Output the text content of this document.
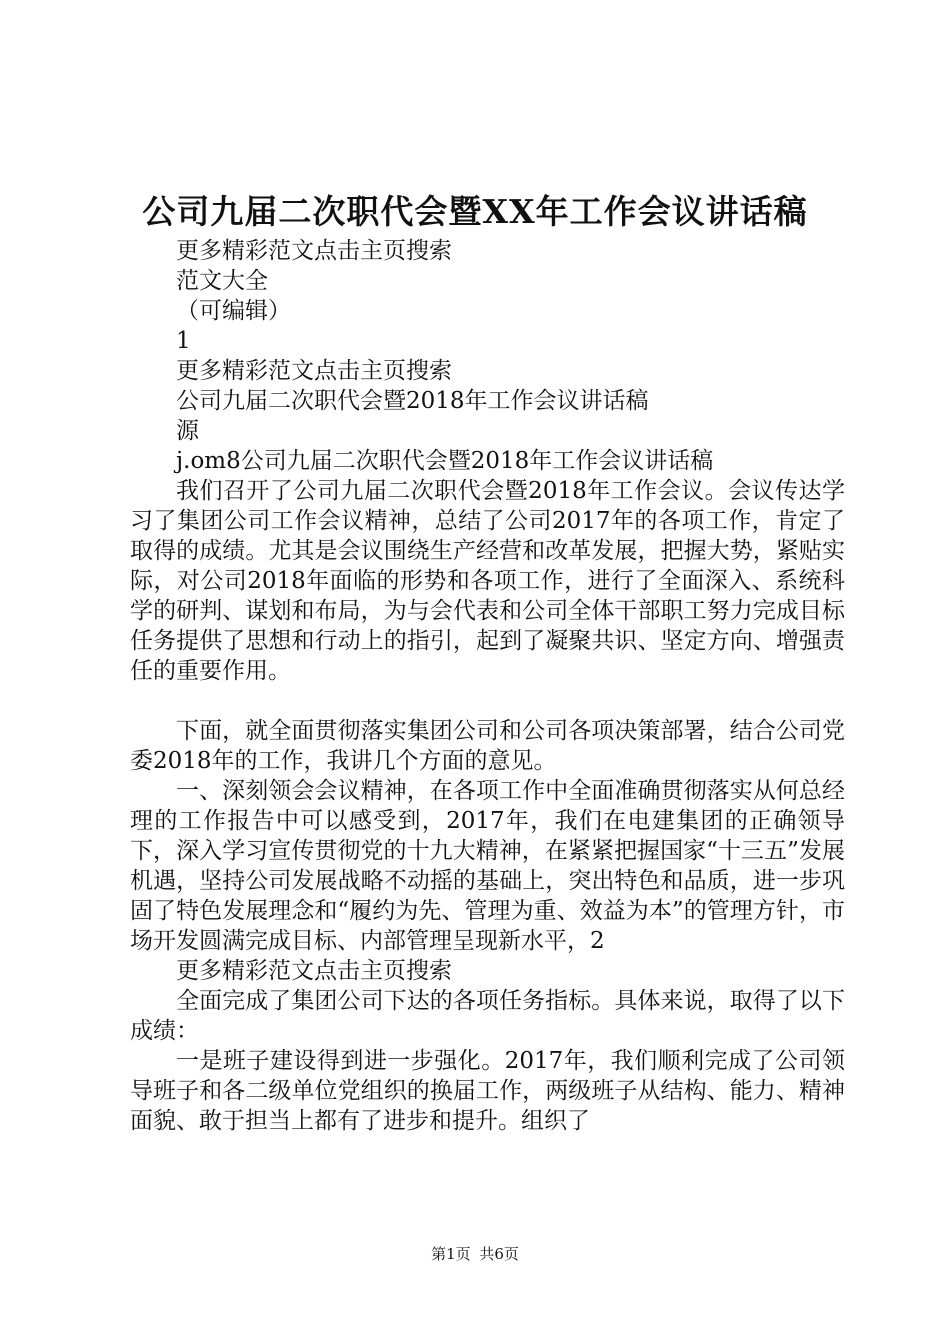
公司九届二次职代会暨XX年工作会议讲话稿

更多精彩范文点击主页搜索

范文大全

（可编辑）

1

更多精彩范文点击主页搜索

公司九届二次职代会暨2018年工作会议讲话稿

源

j.om8公司九届二次职代会暨2018年工作会议讲话稿

我们召开了公司九届二次职代会暨2018年工作会议。会议传达学习了集团公司工作会议精神，总结了公司2017年的各项工作，肯定了取得的成绩。尤其是会议围绕生产经营和改革发展，把握大势，紧贴实际，对公司2018年面临的形势和各项工作，进行了全面深入、系统科学的研判、谋划和布局，为与会代表和公司全体干部职工努力完成目标任务提供了思想和行动上的指引，起到了凝聚共识、坚定方向、增强责任的重要作用。

下面，就全面贯彻落实集团公司和公司各项决策部署，结合公司党委2018年的工作，我讲几个方面的意见。

一、深刻领会会议精神，在各项工作中全面准确贯彻落实从何总经理的工作报告中可以感受到，2017年，我们在电建集团的正确领导下，深入学习宣传贯彻党的十九大精神，在紧紧把握国家“十三五”发展机遇，坚持公司发展战略不动摇的基础上，突出特色和品质，进一步巩固了特色发展理念和“履约为先、管理为重、效益为本”的管理方针，市场开发圆满完成目标、内部管理呈现新水平，2

更多精彩范文点击主页搜索

全面完成了集团公司下达的各项任务指标。具体来说，取得了以下成绩：

一是班子建设得到进一步强化。2017年，我们顺利完成了公司领导班子和各二级单位党组织的换届工作，两级班子从结构、能力、精神面貌、敢于担当上都有了进步和提升。组织了

第1页 共6页
